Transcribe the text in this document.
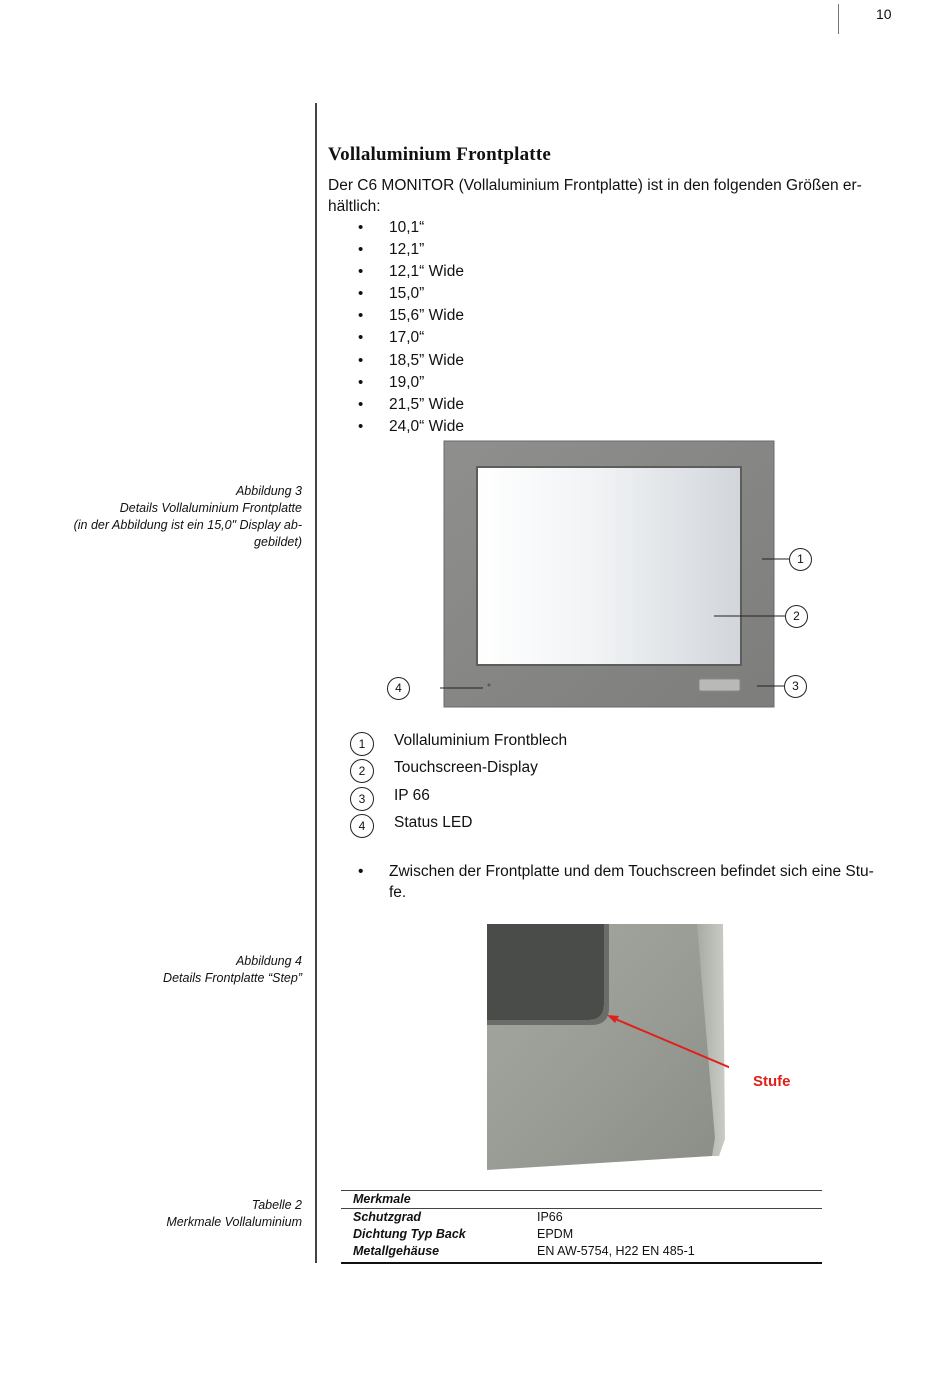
10
Vollaluminium Frontplatte
Der C6 MONITOR (Vollaluminium Frontplatte) ist in den folgenden Größen er-
hältlich:
• 10,1“
• 12,1”
• 12,1“ Wide
• 15,0”
• 15,6” Wide
• 17,0“
• 18,5” Wide
• 19,0”
• 21,5” Wide
• 24,0“ Wide
Abbildung 3
Details Vollaluminium Frontplatte
(in der Abbildung ist ein 15,0" Display ab-
gebildet)
1
2
3
4
1	Vollaluminium Frontblech
2	Touchscreen-Display
3	IP 66
4	Status LED
• Zwischen der Frontplatte und dem Touchscreen befindet sich eine Stu-
fe.
Abbildung 4
Details Frontplatte “Step”
Stufe
Tabelle 2
Merkmale Vollaluminium
Merkmale
Schutzgrad	IP66
Dichtung Typ Back	EPDM
Metallgehäuse	EN AW-5754, H22 EN 485-1
